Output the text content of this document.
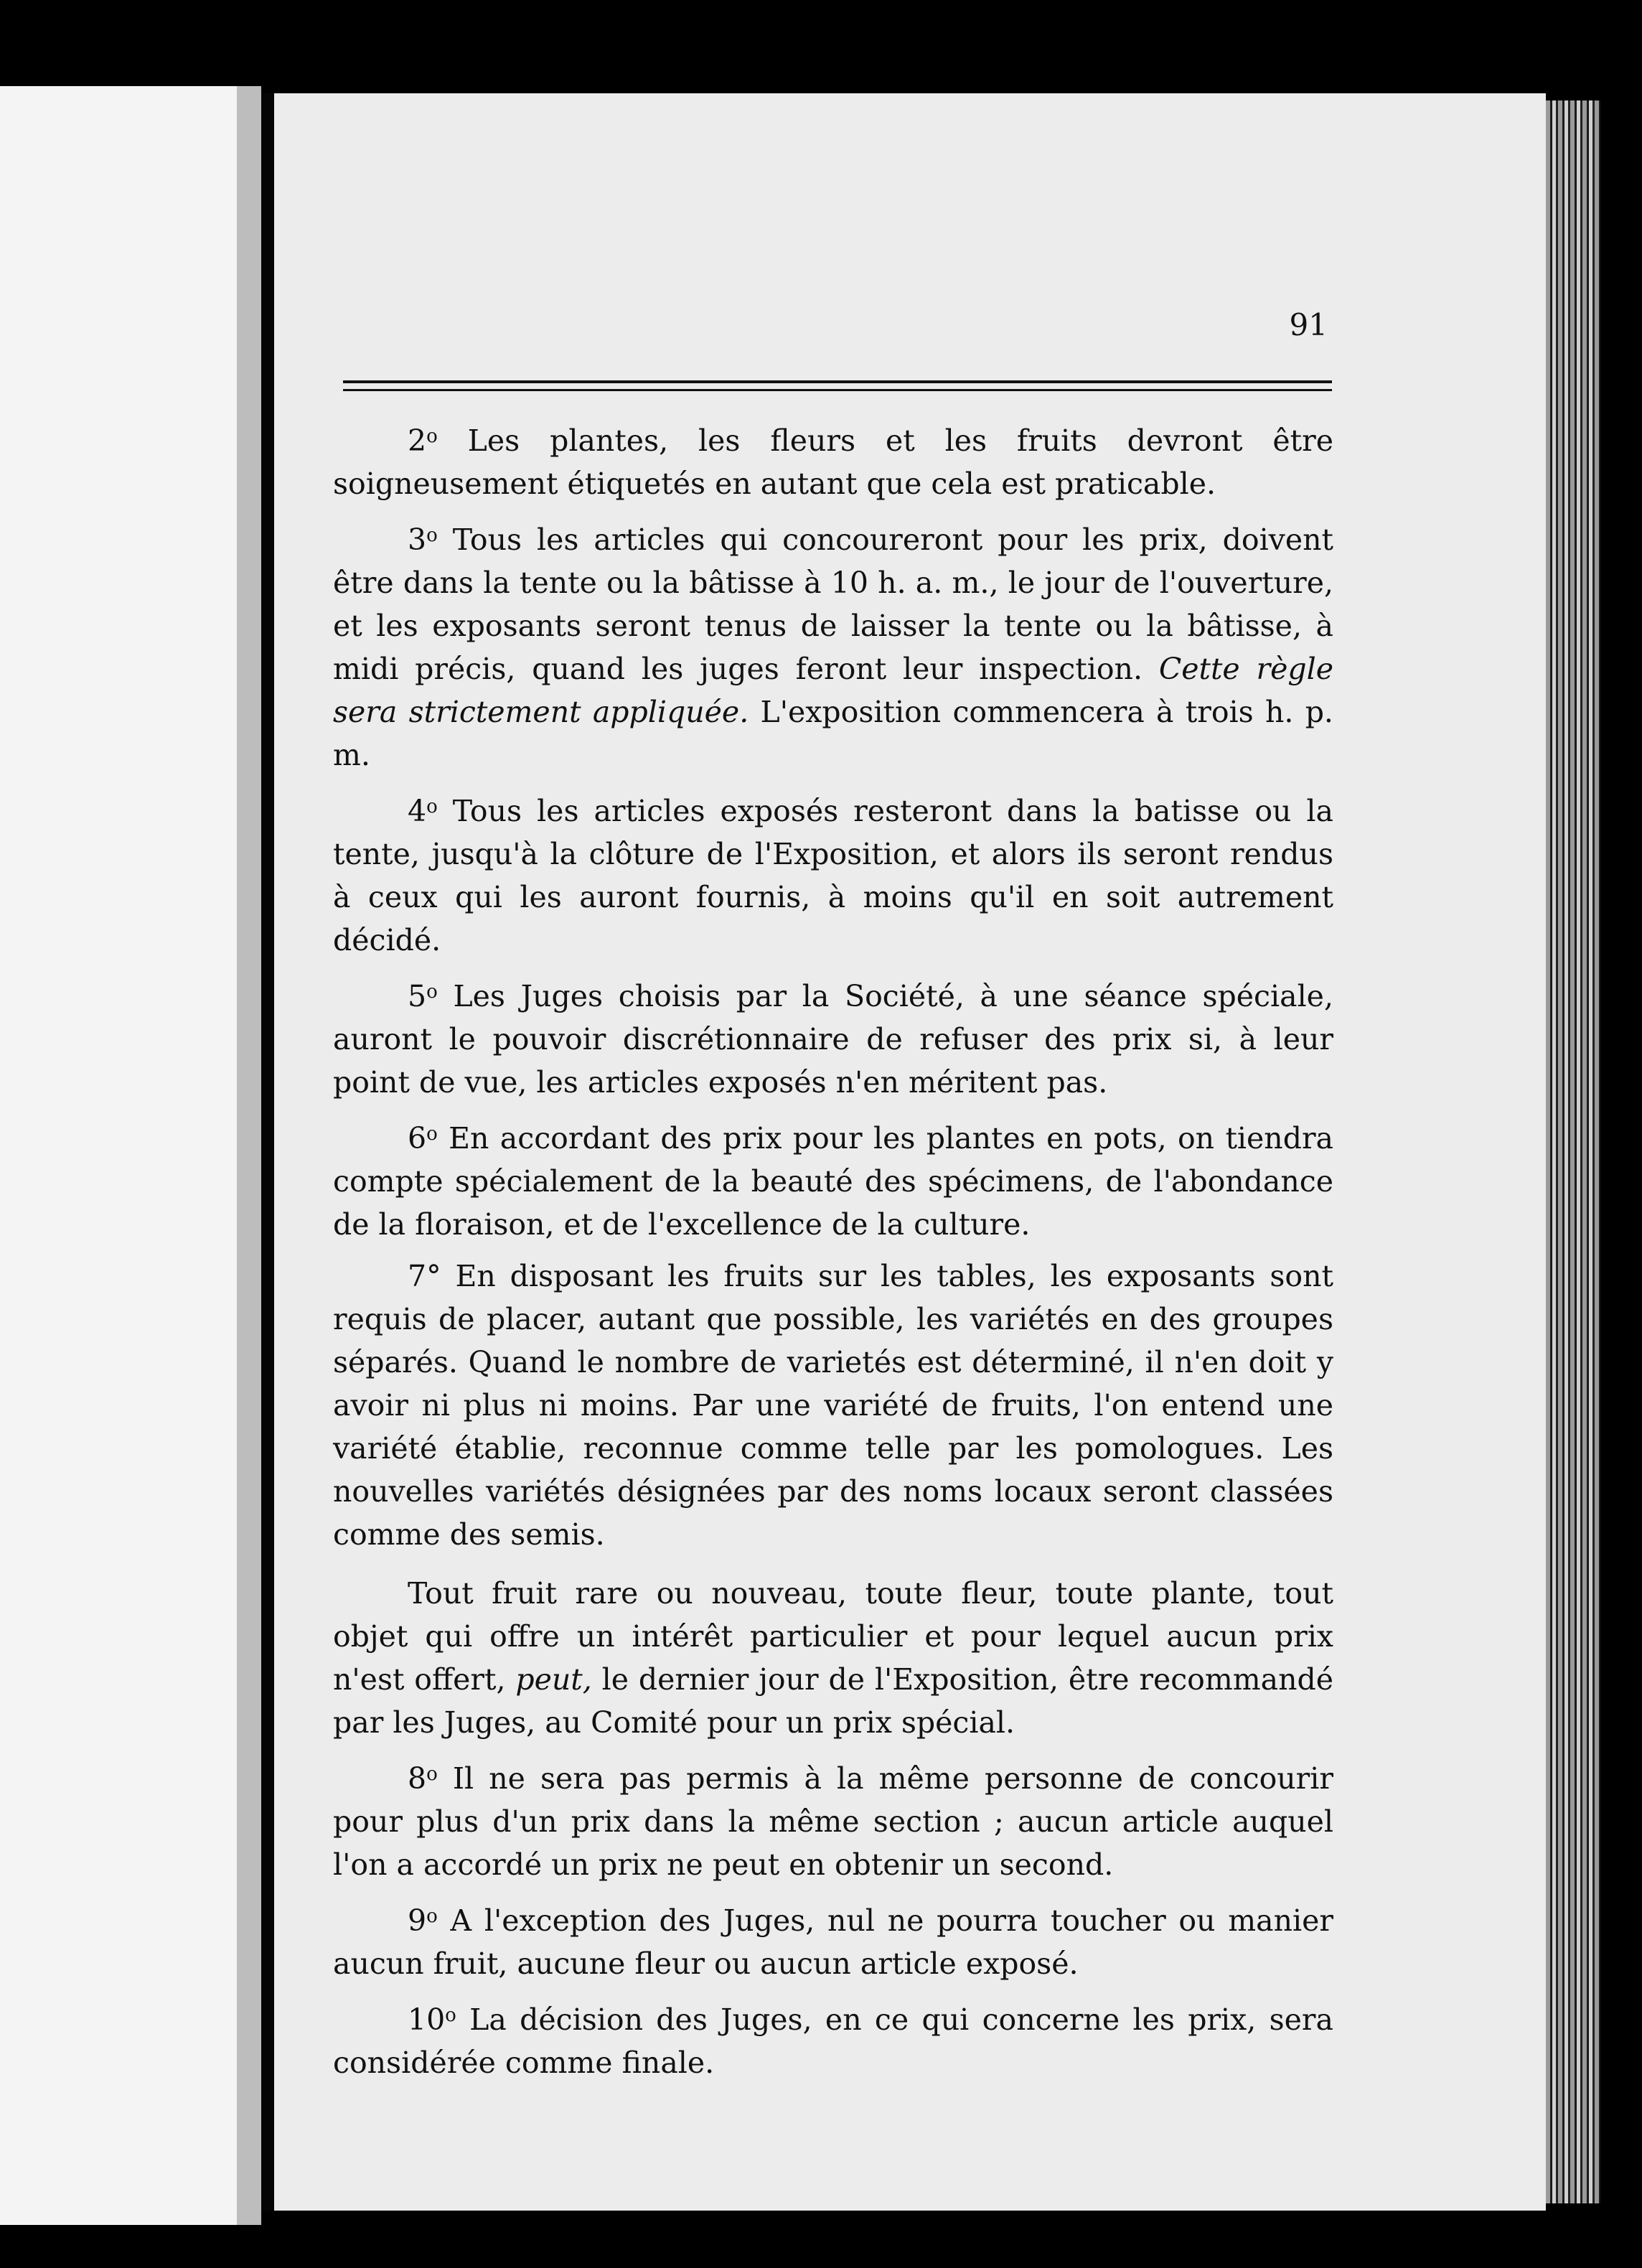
91

2$^o$ Les plantes, les fleurs et les fruits devront être soigneusement étiquetés en autant que cela est praticable.

3$^o$ Tous les articles qui concoureront pour les prix, doivent être dans la tente ou la bâtisse à 10 h. a. m., le jour de l'ouverture, et les exposants seront tenus de laisser la tente ou la bâtisse, à midi précis, quand les juges feront leur inspection. Cette règle sera strictement appliquée. L'exposition commencera à trois h. p. m.

4$^o$ Tous les articles exposés resteront dans la batisse ou la tente, jusqu'à la clôture de l'Exposition, et alors ils seront rendus à ceux qui les auront fournis, à moins qu'il en soit autrement décidé.

5$^o$ Les Juges choisis par la Société, à une séance spéciale, auront le pouvoir discrétionnaire de refuser des prix si, à leur point de vue, les articles exposés n'en méritent pas.

6$^o$ En accordant des prix pour les plantes en pots, on tiendra compte spécialement de la beauté des spécimens, de l'abondance de la floraison, et de l'excellence de la culture.

7° En disposant les fruits sur les tables, les exposants sont requis de placer, autant que possible, les variétés en des groupes séparés. Quand le nombre de varietés est déterminé, il n'en doit y avoir ni plus ni moins. Par une variété de fruits, l'on entend une variété établie, reconnue comme telle par les pomologues. Les nouvelles variétés désignées par des noms locaux seront classées comme des semis.

Tout fruit rare ou nouveau, toute fleur, toute plante, tout objet qui offre un intérêt particulier et pour lequel aucun prix n'est offert, peut, le dernier jour de l'Exposition, être recommandé par les Juges, au Comité pour un prix spécial.

8$^o$ Il ne sera pas permis à la même personne de concourir pour plus d'un prix dans la même section ; aucun article auquel l'on a accordé un prix ne peut en obtenir un second.

9$^o$ A l'exception des Juges, nul ne pourra toucher ou manier aucun fruit, aucune fleur ou aucun article exposé.

10$^o$ La décision des Juges, en ce qui concerne les prix, sera considérée comme finale.
